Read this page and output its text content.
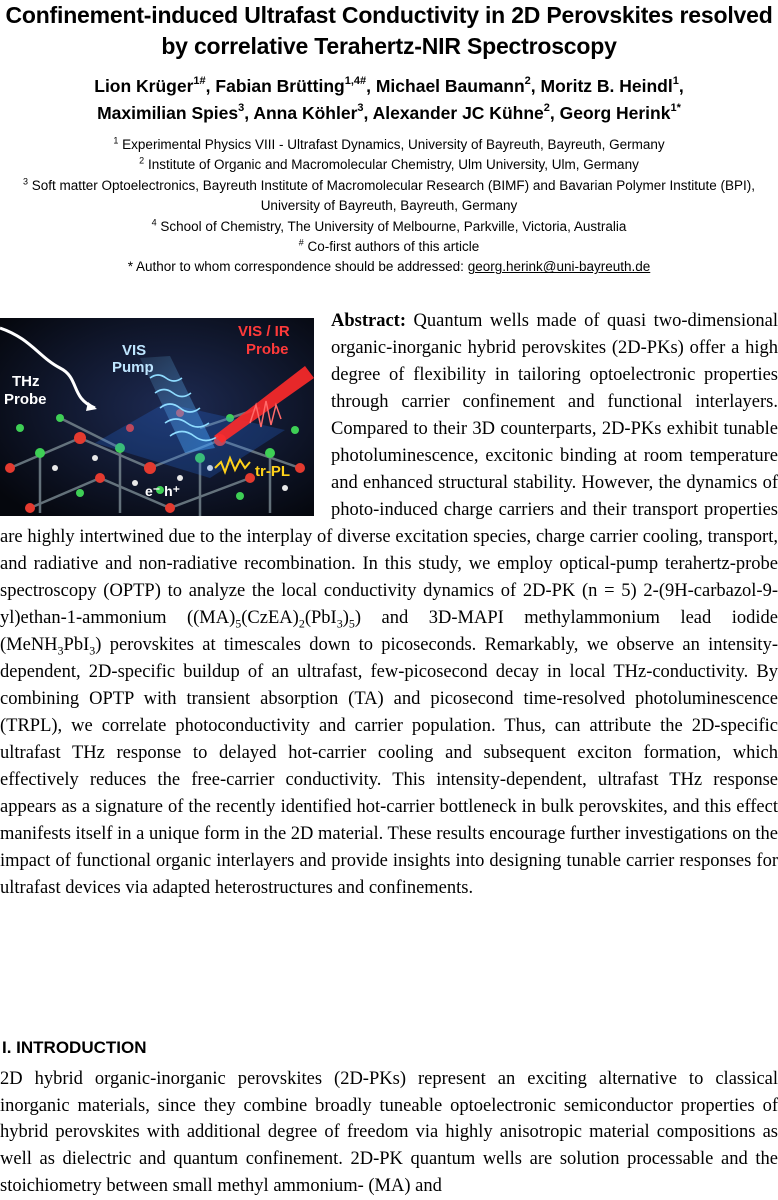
Confinement-induced Ultrafast Conductivity in 2D Perovskites resolved by correlative Terahertz-NIR Spectroscopy
Lion Krüger$^{1\#}$, Fabian Brütting$^{1,4\#}$, Michael Baumann$^2$, Moritz B. Heindl$^1$,
Maximilian Spies$^3$, Anna Köhler$^3$, Alexander JC Kühne$^2$, Georg Herink$^{1*}$

$^1$ Experimental Physics VIII - Ultrafast Dynamics, University of Bayreuth, Bayreuth, Germany

$^2$ Institute of Organic and Macromolecular Chemistry, Ulm University, Ulm, Germany

$^3$ Soft matter Optoelectronics, Bayreuth Institute of Macromolecular Research (BIMF) and Bavarian Polymer Institute (BPI), University of Bayreuth, Bayreuth, Germany

$^4$ School of Chemistry, The University of Melbourne, Parkville, Victoria, Australia

# Co-first authors of this article

* Author to whom correspondence should be addressed: georg.herink@uni-bayreuth.de

VIS Pump
VIS / IR Probe
THz Probe
tr-PL
e⁻ h⁺

Abstract: Quantum wells made of quasi two-dimensional organic-inorganic hybrid perovskites (2D-PKs) offer a high degree of flexibility in tailoring optoelectronic properties through carrier confinement and functional interlayers. Compared to their 3D counterparts, 2D-PKs exhibit tunable photoluminescence, excitonic binding at room temperature and enhanced structural stability. However, the dynamics of photo-induced charge carriers and their transport properties are highly intertwined due to the interplay of diverse excitation species, charge carrier cooling, transport, and radiative and non-radiative recombination. In this study, we employ optical-pump terahertz-probe spectroscopy (OPTP) to analyze the local conductivity dynamics of 2D-PK (n = 5) 2-(9H-carbazol-9-yl)ethan-1-ammonium $((MA)_5(CzEA)_2(PbI_3)_5)$ and 3D-MAPI methylammonium lead iodide (MeNH$_3$PbI$_3$) perovskites at timescales down to picoseconds. Remarkably, we observe an intensity-dependent, 2D-specific buildup of an ultrafast, few-picosecond decay in local THz-conductivity. By combining OPTP with transient absorption (TA) and picosecond time-resolved photoluminescence (TRPL), we correlate photoconductivity and carrier population. Thus, can attribute the 2D-specific ultrafast THz response to delayed hot-carrier cooling and subsequent exciton formation, which effectively reduces the free-carrier conductivity. This intensity-dependent, ultrafast THz response appears as a signature of the recently identified hot-carrier bottleneck in bulk perovskites, and this effect manifests itself in a unique form in the 2D material. These results encourage further investigations on the impact of functional organic interlayers and provide insights into designing tunable carrier responses for ultrafast devices via adapted heterostructures and confinements.

I. INTRODUCTION

2D hybrid organic-inorganic perovskites (2D-PKs) represent an exciting alternative to classical inorganic materials, since they combine broadly tuneable optoelectronic semiconductor properties of hybrid perovskites with additional degree of freedom via highly anisotropic material compositions as well as dielectric and quantum confinement. 2D-PK quantum wells are solution processable and the stoichiometry between small methyl ammonium- (MA) and
